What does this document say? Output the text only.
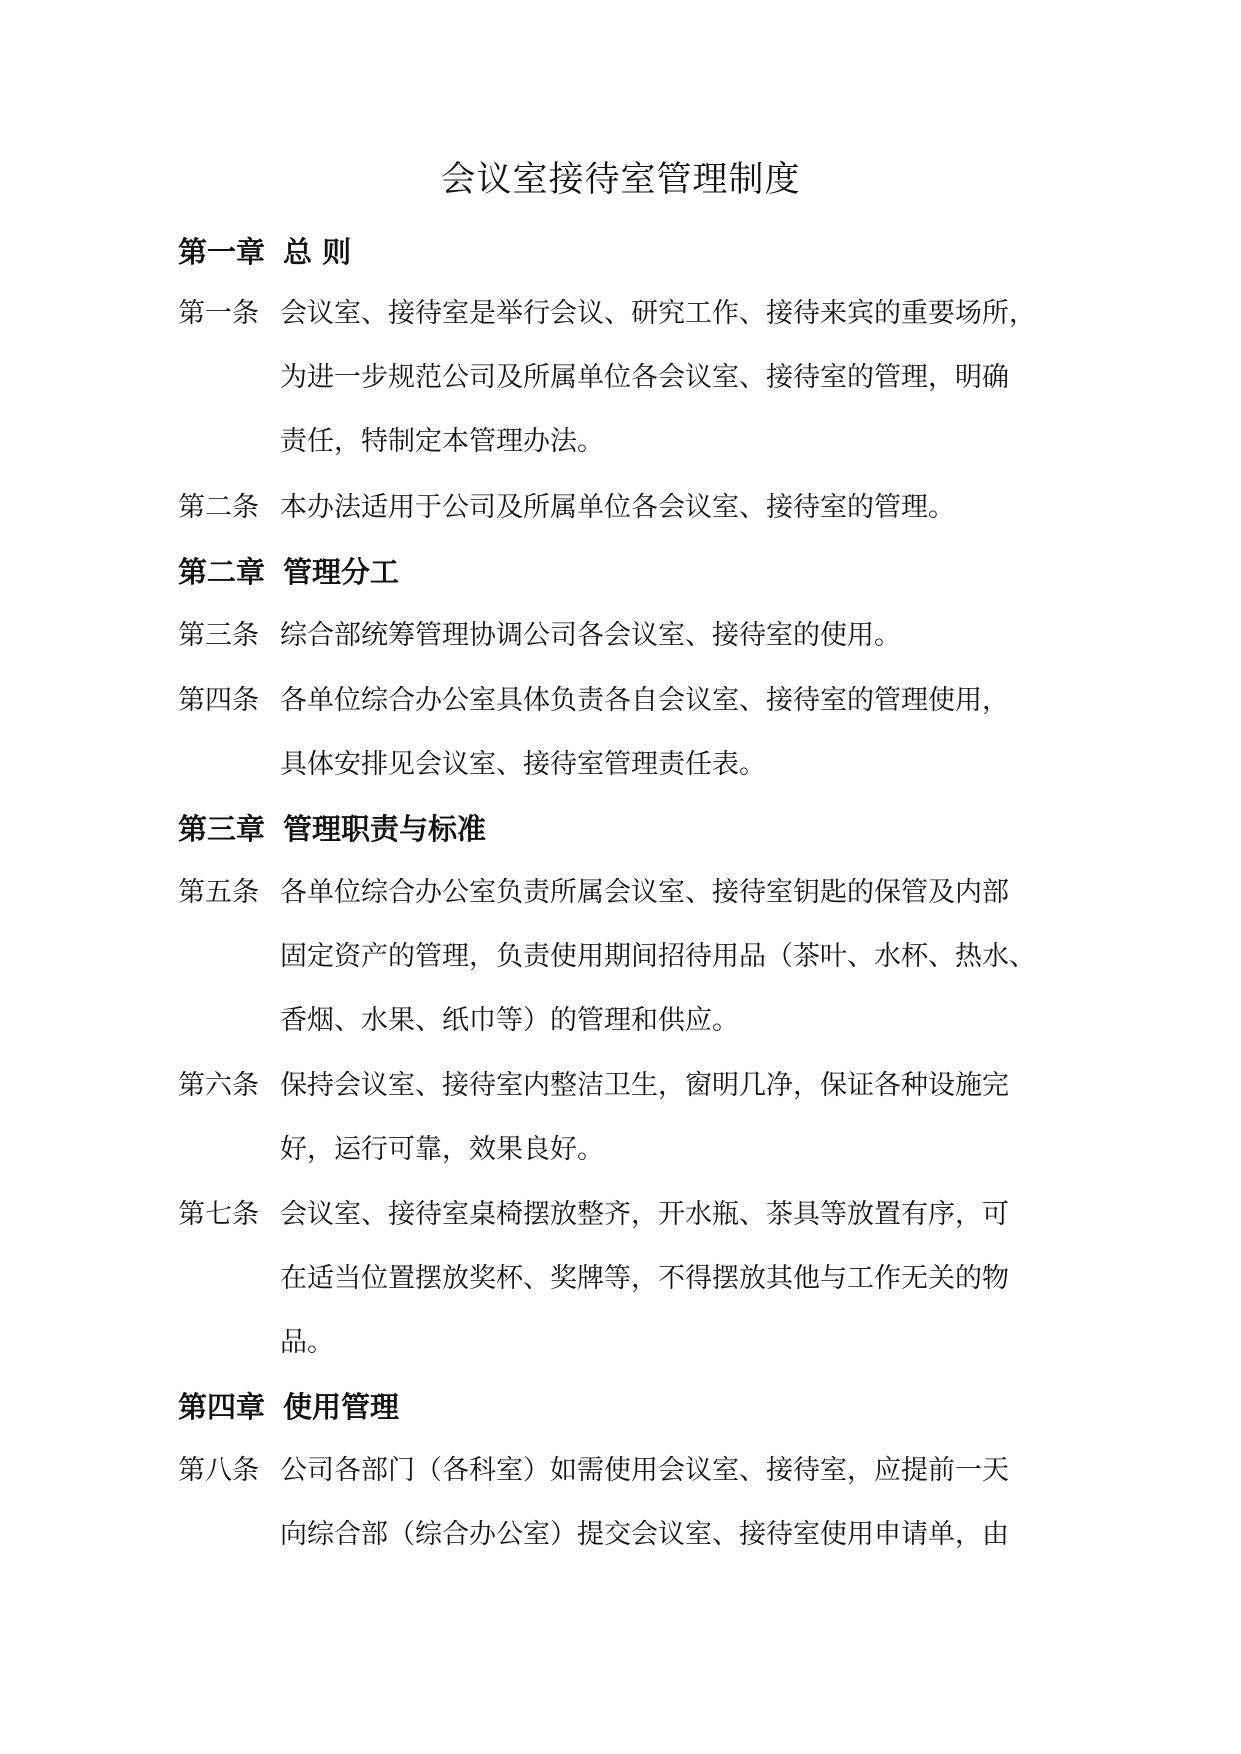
会议室接待室管理制度
第一章 总 则
第一条 会议室、接待室是举行会议、研究工作、接待来宾的重要场所，
为进一步规范公司及所属单位各会议室、接待室的管理，明确
责任，特制定本管理办法。
第二条 本办法适用于公司及所属单位各会议室、接待室的管理。
第二章 管理分工
第三条 综合部统筹管理协调公司各会议室、接待室的使用。
第四条 各单位综合办公室具体负责各自会议室、接待室的管理使用，
具体安排见会议室、接待室管理责任表。
第三章 管理职责与标准
第五条 各单位综合办公室负责所属会议室、接待室钥匙的保管及内部
固定资产的管理，负责使用期间招待用品（茶叶、水杯、热水、
香烟、水果、纸巾等）的管理和供应。
第六条 保持会议室、接待室内整洁卫生，窗明几净，保证各种设施完
好，运行可靠，效果良好。
第七条 会议室、接待室桌椅摆放整齐，开水瓶、茶具等放置有序，可
在适当位置摆放奖杯、奖牌等，不得摆放其他与工作无关的物
品。
第四章 使用管理
第八条 公司各部门（各科室）如需使用会议室、接待室，应提前一天
向综合部（综合办公室）提交会议室、接待室使用申请单，由
